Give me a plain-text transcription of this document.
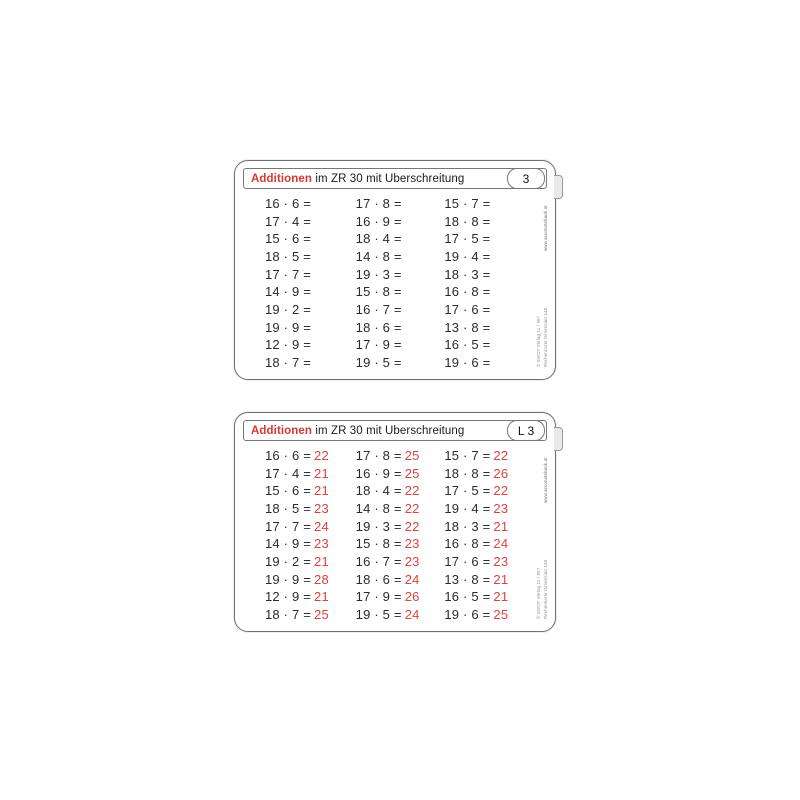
Additionen im ZR 30 mit Überschreitung	3
16 · 6 =
17 · 4 =
15 · 6 =
18 · 5 =
17 · 7 =
14 · 9 =
19 · 2 =
19 · 9 =
12 · 9 =
18 · 7 =
17 · 8 =
16 · 9 =
18 · 4 =
14 · 8 =
19 · 3 =
15 · 8 =
16 · 7 =
18 · 6 =
17 · 9 =
19 · 5 =
15 · 7 =
18 · 8 =
17 · 5 =
19 · 4 =
18 · 3 =
16 · 8 =
17 · 6 =
13 · 8 =
16 · 5 =
19 · 6 =	© SWOT Verlag 11 / 997 Rechenkarte Dimension 148
www.acconotebook.at
Additionen im ZR 30 mit Überschreitung	L 3
16 · 6 = 22
17 · 4 = 21
15 · 6 = 21
18 · 5 = 23
17 · 7 = 24
14 · 9 = 23
19 · 2 = 21
19 · 9 = 28
12 · 9 = 21
18 · 7 = 25
17 · 8 = 25
16 · 9 = 25
18 · 4 = 22
14 · 8 = 22
19 · 3 = 22
15 · 8 = 23
16 · 7 = 23
18 · 6 = 24
17 · 9 = 26
19 · 5 = 24
15 · 7 = 22
18 · 8 = 26
17 · 5 = 22
19 · 4 = 23
18 · 3 = 21
16 · 8 = 24
17 · 6 = 23
13 · 8 = 21
16 · 5 = 21
19 · 6 = 25	© SWOT Verlag 11 / 997 Rechenkarte Dimension 148
www.acconotebook.at
